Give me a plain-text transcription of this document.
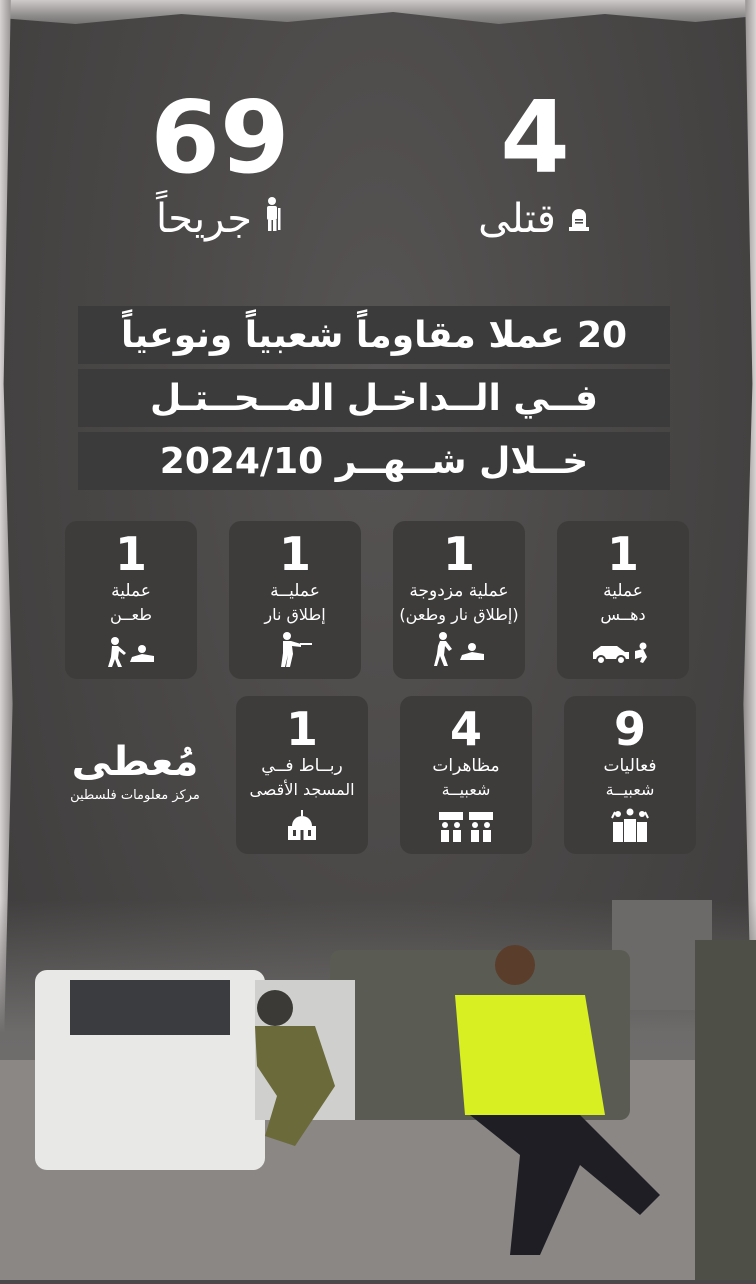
4
قتلى
69
جريحاً
20 عملا مقاوماً شعبياً ونوعياً
فــي الــداخـل المــحــتـل
خــلال شــهــر 2024/10
1
عملية
دهــس
1
عملية مزدوجة
(إطلاق نار وطعن)
1
عمليــة
إطلاق نار
1
عملية
طعــن
9
فعاليات
شعبيــة
4
مظاهرات
شعبيــة
1
ربــاط فــي
المسجد الأقصى
مُعطى
مركز معلومات فلسطين
